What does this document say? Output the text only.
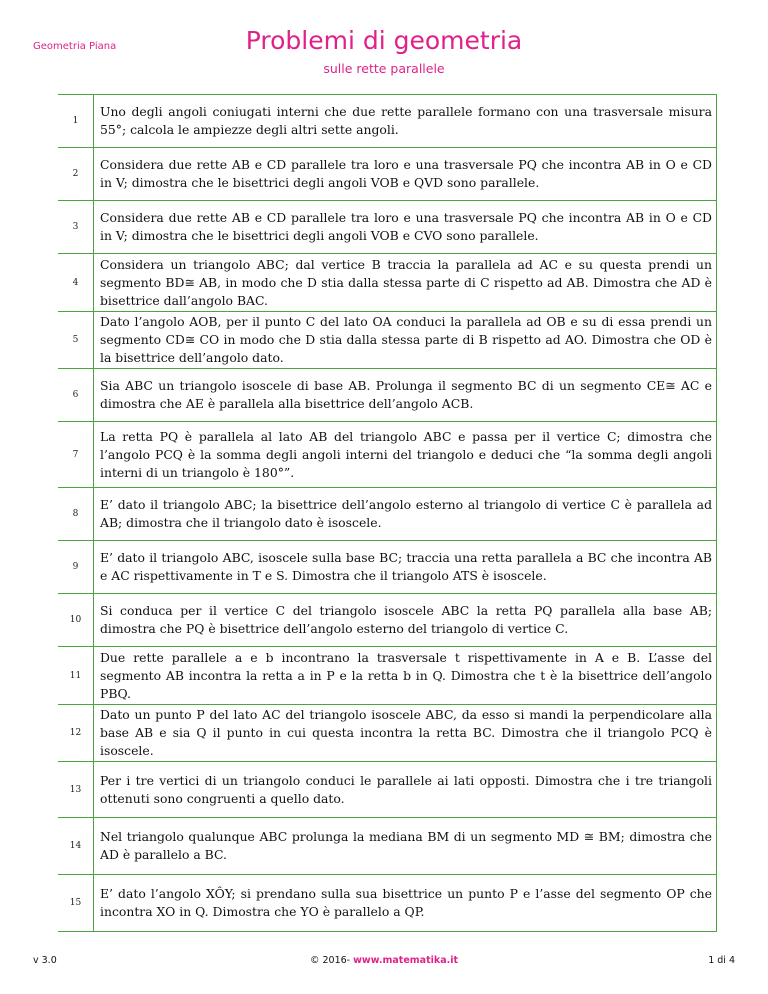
Geometria Piana	Problemi di geometria
sulle rette parallele
1
Uno degli angoli coniugati interni che due rette parallele formano con una trasversale misura 55°; calcola le ampiezze degli altri sette angoli.
2
Considera due rette AB e CD parallele tra loro e una trasversale PQ che incontra AB in O e CD in V; dimostra che le bisettrici degli angoli VOB e QVD sono parallele.
3
Considera due rette AB e CD parallele tra loro e una trasversale PQ che incontra AB in O e CD in V; dimostra che le bisettrici degli angoli VOB e CVO sono parallele.
4
Considera un triangolo ABC; dal vertice B traccia la parallela ad AC e su questa prendi un segmento BD≅ AB, in modo che D stia dalla stessa parte di C rispetto ad AB. Dimostra che AD è bisettrice dall’angolo BAC.
5
Dato l’angolo AOB, per il punto C del lato OA conduci la parallela ad OB e su di essa prendi un segmento CD≅ CO in modo che D stia dalla stessa parte di B rispetto ad AO. Dimostra che OD è la bisettrice dell’angolo dato.
6
Sia ABC un triangolo isoscele di base AB. Prolunga il segmento BC di un segmento CE≅ AC e dimostra che AE è parallela alla bisettrice dell’angolo ACB.
7
La retta PQ è parallela al lato AB del triangolo ABC e passa per il vertice C; dimostra che l’angolo PCQ è la somma degli angoli interni del triangolo e deduci che “la somma degli angoli interni di un triangolo è 180°”.
8
E’ dato il triangolo ABC; la bisettrice dell’angolo esterno al triangolo di vertice C è parallela ad AB; dimostra che il triangolo dato è isoscele.
9
E’ dato il triangolo ABC, isoscele sulla base BC; traccia una retta parallela a BC che incontra AB e AC rispettivamente in T e S. Dimostra che il triangolo ATS è isoscele.
10
Si conduca per il vertice C del triangolo isoscele ABC la retta PQ parallela alla base AB; dimostra che PQ è bisettrice dell’angolo esterno del triangolo di vertice C.
11
Due rette parallele a e b incontrano la trasversale t rispettivamente in A e B. L’asse del segmento AB incontra la retta a in P e la retta b in Q. Dimostra che t è la bisettrice dell’angolo PBQ.
12
Dato un punto P del lato AC del triangolo isoscele ABC, da esso si mandi la perpendicolare alla base AB e sia Q il punto in cui questa incontra la retta BC. Dimostra che il triangolo PCQ è isoscele.
13
Per i tre vertici di un triangolo conduci le parallele ai lati opposti. Dimostra che i tre triangoli ottenuti sono congruenti a quello dato.
14
Nel triangolo qualunque ABC prolunga la mediana BM di un segmento MD ≅ BM; dimostra che AD è parallelo a BC.
15
E’ dato l’angolo XÔY; si prendano sulla sua bisettrice un punto P e l’asse del segmento OP che incontra XO in Q. Dimostra che YO è parallelo a QP.
v 3.0	© 2016- www.matematika.it	1 di 4
